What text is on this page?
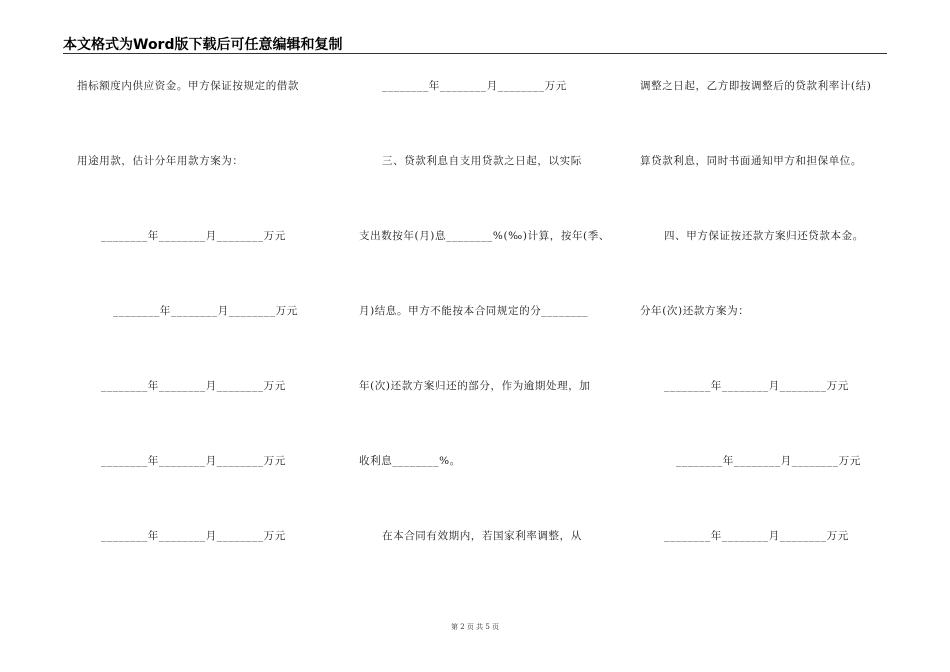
本文格式为Word版下载后可任意编辑和复制
指标额度内供应资金。甲方保证按规定的借款
用途用款，估计分年用款方案为：
________年________月________万元
________年________月________万元
________年________月________万元
________年________月________万元
________年________月________万元
________年________月________万元
三、贷款利息自支用贷款之日起，以实际
支出数按年(月)息________%(‰)计算，按年(季、
月)结息。甲方不能按本合同规定的分________
年(次)还款方案归还的部分，作为逾期处理，加
收利息________%。
在本合同有效期内，若国家利率调整，从
调整之日起，乙方即按调整后的贷款利率计(结)
算贷款利息，同时书面通知甲方和担保单位。
四、甲方保证按还款方案归还贷款本金。
分年(次)还款方案为：
________年________月________万元
________年________月________万元
________年________月________万元
第 2 页 共 5 页
